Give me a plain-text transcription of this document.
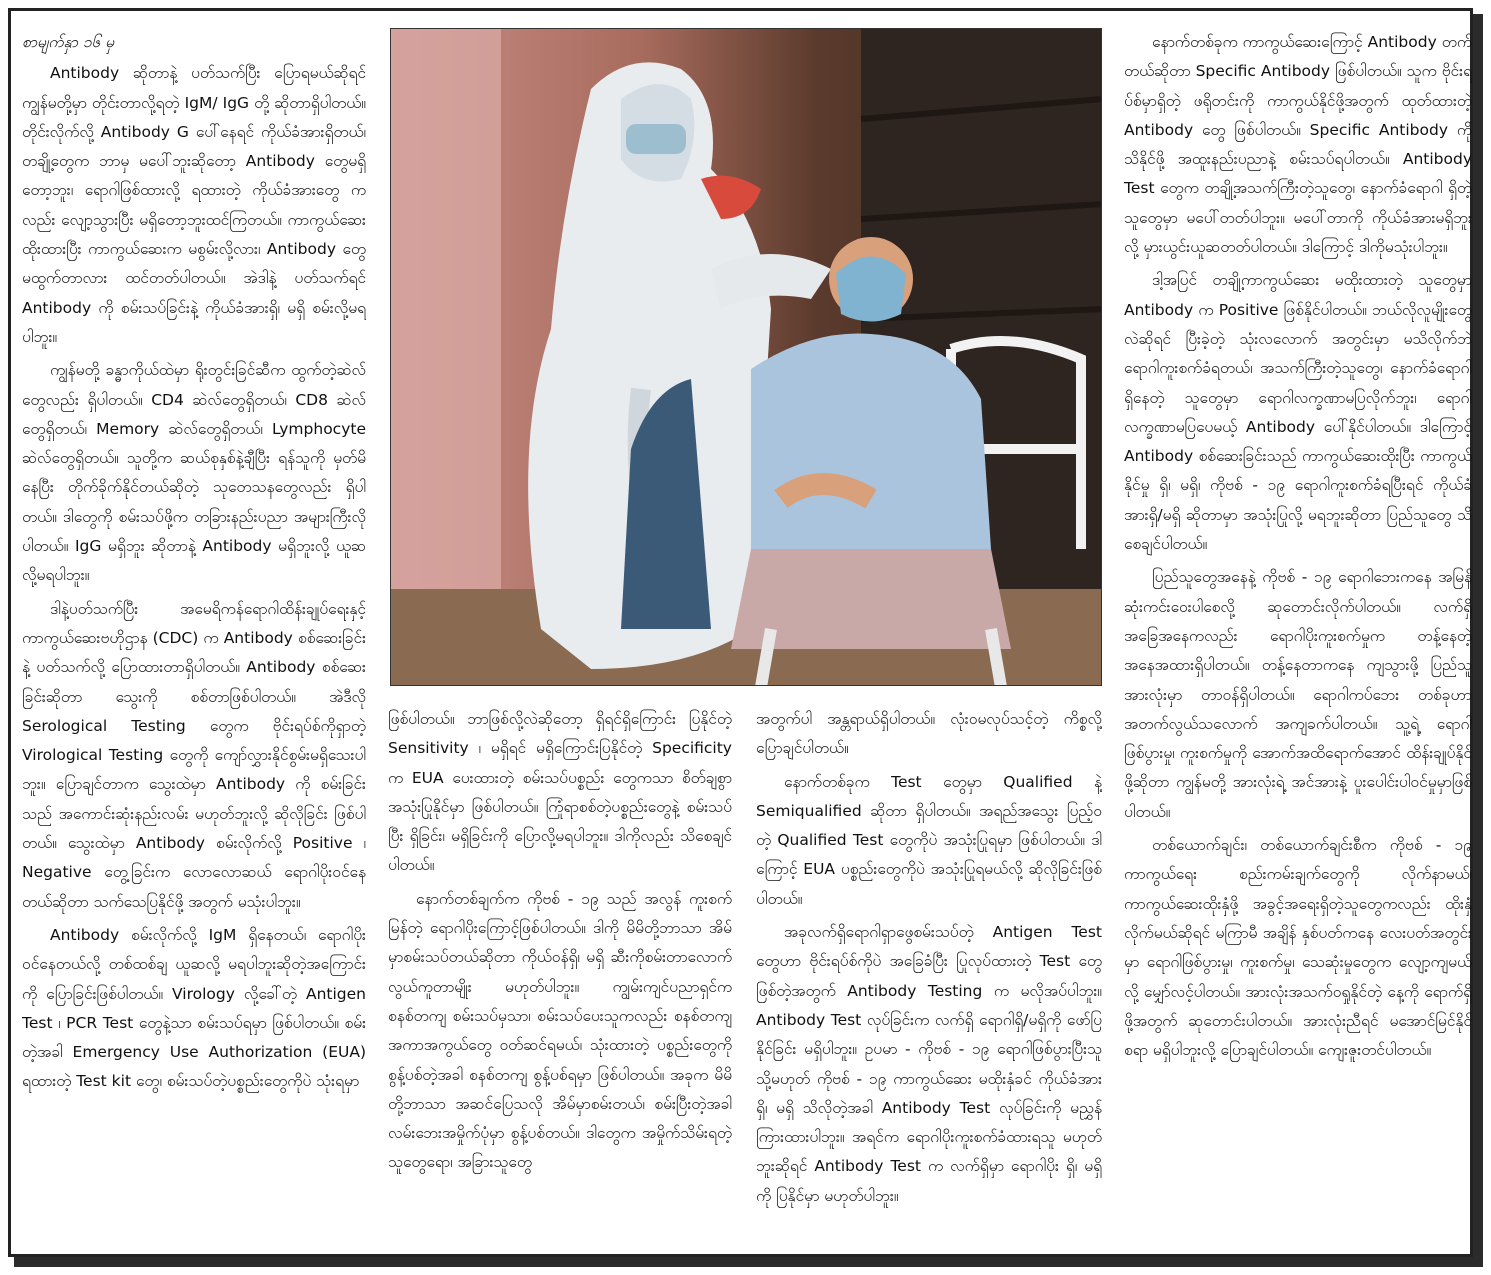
စာမျက်နှာ ၁၆ မှ

Antibody ဆိုတာနဲ့ ပတ်သက်ပြီး ပြောရမယ်ဆိုရင် ကျွန်မတို့မှာ တိုင်းတာလို့ရတဲ့ IgM/ IgG တို့ ဆိုတာရှိပါတယ်။ တိုင်းလိုက်လို့ Antibody G ပေါ်နေရင် ကိုယ်ခံအားရှိတယ်၊ တချို့တွေက ဘာမှ မပေါ်ဘူးဆိုတော့ Antibody တွေမရှိတော့ဘူး၊ ရောဂါဖြစ်ထားလို့ ရထားတဲ့ ကိုယ်ခံအားတွေ ကလည်း လျော့သွားပြီး မရှိတော့ဘူးထင်ကြတယ်။ ကာကွယ်ဆေးထိုးထားပြီး ကာကွယ်ဆေးက မစွမ်းလို့လား၊ Antibody တွေမထွက်တာလား ထင်တတ်ပါတယ်။ အဲဒါနဲ့ ပတ်သက်ရင် Antibody ကို စမ်းသပ်ခြင်းနဲ့ ကိုယ်ခံအားရှိ၊ မရှိ စမ်းလို့မရပါဘူး။

ကျွန်မတို့ ခန္ဓာကိုယ်ထဲမှာ ရိုးတွင်းခြင်ဆီက ထွက်တဲ့ဆဲလ်တွေလည်း ရှိပါတယ်။ CD4 ဆဲလ်တွေရှိတယ်၊ CD8 ဆဲလ်တွေရှိတယ်၊ Memory ဆဲလ်တွေရှိတယ်၊ Lymphocyte ဆဲလ်တွေရှိတယ်။ သူတို့က ဆယ်စုနှစ်နဲ့ချီပြီး ရန်သူကို မှတ်မိနေပြီး တိုက်ခိုက်နိုင်တယ်ဆိုတဲ့ သုတေသနတွေလည်း ရှိပါတယ်။ ဒါတွေကို စမ်းသပ်ဖို့က တခြားနည်းပညာ အများကြီးလိုပါတယ်။ IgG မရှိဘူး ဆိုတာနဲ့ Antibody မရှိဘူးလို့ ယူဆလို့မရပါဘူး။

ဒါနဲ့ပတ်သက်ပြီး အမေရိကန်ရောဂါထိန်းချုပ်ရေးနှင့် ကာကွယ်ဆေးဗဟိုဌာန (CDC) က Antibody စစ်ဆေးခြင်းနဲ့ ပတ်သက်လို့ ပြောထားတာရှိပါတယ်။ Antibody စစ်ဆေးခြင်းဆိုတာ သွေးကို စစ်တာဖြစ်ပါတယ်။ အဲဒီလို Serological Testing တွေက ဗိုင်းရပ်စ်ကိုရှာတဲ့ Virological Testing တွေကို ကျော်လွှားနိုင်စွမ်းမရှိသေးပါဘူး။ ပြောချင်တာက သွေးထဲမှာ Antibody ကို စမ်းခြင်းသည် အကောင်းဆုံးနည်းလမ်း မဟုတ်ဘူးလို့ ဆိုလိုခြင်း ဖြစ်ပါတယ်။ သွေးထဲမှာ Antibody စမ်းလိုက်လို့ Positive ၊ Negative တွေ့ခြင်းက လောလောဆယ် ရောဂါပိုးဝင်နေတယ်ဆိုတာ သက်သေပြနိုင်ဖို့ အတွက် မသုံးပါဘူး။

Antibody စမ်းလိုက်လို့ IgM ရှိနေတယ်၊ ရောဂါပိုးဝင်နေတယ်လို့ တစ်ထစ်ချ ယူဆလို့ မရပါဘူးဆိုတဲ့အကြောင်းကို ပြောခြင်းဖြစ်ပါတယ်။ Virology လို့ခေါ်တဲ့ Antigen Test ၊ PCR Test တွေနဲ့သာ စမ်းသပ်ရမှာ ဖြစ်ပါတယ်။ စမ်းတဲ့အခါ Emergency Use Authorization (EUA) ရထားတဲ့ Test kit တွေ၊ စမ်းသပ်တဲ့ပစ္စည်းတွေကိုပဲ သုံးရမှာ

ဖြစ်ပါတယ်။ ဘာဖြစ်လို့လဲဆိုတော့ ရှိရင်ရှိကြောင်း ပြနိုင်တဲ့ Sensitivity ၊ မရှိရင် မရှိကြောင်းပြနိုင်တဲ့ Specificity က EUA ပေးထားတဲ့ စမ်းသပ်ပစ္စည်း တွေကသာ စိတ်ချစွာ အသုံးပြုနိုင်မှာ ဖြစ်ပါတယ်။ ကြုံရာစစ်တဲ့ပစ္စည်းတွေနဲ့ စမ်းသပ်ပြီး ရှိခြင်း၊ မရှိခြင်းကို ပြောလို့မရပါဘူး။ ဒါကိုလည်း သိစေချင်ပါတယ်။

နောက်တစ်ချက်က ကိုဗစ် - ၁၉ သည် အလွန် ကူးစက်မြန်တဲ့ ရောဂါပိုးကြောင့်ဖြစ်ပါတယ်။ ဒါကို မိမိတို့ဘာသာ အိမ်မှာစမ်းသပ်တယ်ဆိုတာ ကိုယ်ဝန်ရှိ၊ မရှိ ဆီးကိုစမ်းတာလောက် လွယ်ကူတာမျိုး မဟုတ်ပါဘူး။ ကျွမ်းကျင်ပညာရှင်က စနစ်တကျ စမ်းသပ်မှသာ၊ စမ်းသပ်ပေးသူကလည်း စနစ်တကျ အကာအကွယ်တွေ ဝတ်ဆင်ရမယ်၊ သုံးထားတဲ့ ပစ္စည်းတွေကို စွန့်ပစ်တဲ့အခါ စနစ်တကျ စွန့်ပစ်ရမှာ ဖြစ်ပါတယ်။ အခုက မိမိတို့ဘာသာ အဆင်ပြေသလို အိမ်မှာစမ်းတယ်၊ စမ်းပြီးတဲ့အခါ လမ်းဘေးအမှိုက်ပုံမှာ စွန့်ပစ်တယ်။ ဒါတွေက အမှိုက်သိမ်းရတဲ့ သူတွေရော၊ အခြားသူတွေ

အတွက်ပါ အန္တရာယ်ရှိပါတယ်။ လုံးဝမလုပ်သင့်တဲ့ ကိစ္စလို့ ပြောချင်ပါတယ်။

နောက်တစ်ခုက Test တွေမှာ Qualified နဲ့ Semiqualified ဆိုတာ ရှိပါတယ်။ အရည်အသွေး ပြည့်ဝတဲ့ Qualified Test တွေကိုပဲ အသုံးပြုရမှာ ဖြစ်ပါတယ်။ ဒါကြောင့် EUA ပစ္စည်းတွေကိုပဲ အသုံးပြုရမယ်လို့ ဆိုလိုခြင်းဖြစ်ပါတယ်။

အခုလက်ရှိရောဂါရှာဖွေစမ်းသပ်တဲ့ Antigen Test တွေဟာ ဗိုင်းရပ်စ်ကိုပဲ အခြေခံပြီး ပြုလုပ်ထားတဲ့ Test တွေဖြစ်တဲ့အတွက် Antibody Testing က မလိုအပ်ပါဘူး။ Antibody Test လုပ်ခြင်းက လက်ရှိ ရောဂါရှိ/မရှိကို ဖော်ပြနိုင်ခြင်း မရှိပါဘူး။ ဥပမာ - ကိုဗစ် - ၁၉ ရောဂါဖြစ်ပွားပြီးသူ သို့မဟုတ် ကိုဗစ် - ၁၉ ကာကွယ်ဆေး မထိုးနှံခင် ကိုယ်ခံအား ရှိ၊ မရှိ သိလိုတဲ့အခါ Antibody Test လုပ်ခြင်းကို မညွှန်ကြားထားပါဘူး။ အရင်က ရောဂါပိုးကူးစက်ခံထားရသူ မဟုတ်ဘူးဆိုရင် Antibody Test က လက်ရှိမှာ ရောဂါပိုး ရှိ၊ မရှိကို ပြနိုင်မှာ မဟုတ်ပါဘူး။

နောက်တစ်ခုက ကာကွယ်ဆေးကြောင့် Antibody တက်တယ်ဆိုတာ Specific Antibody ဖြစ်ပါတယ်။ သူက ဗိုင်းရပ်စ်မှာရှိတဲ့ ဖရိုတင်းကို ကာကွယ်နိုင်ဖို့အတွက် ထုတ်ထားတဲ့ Antibody တွေ ဖြစ်ပါတယ်။ Specific Antibody ကို သိနိုင်ဖို့ အထူးနည်းပညာနဲ့ စမ်းသပ်ရပါတယ်။ Antibody Test တွေက တချို့အသက်ကြီးတဲ့သူတွေ၊ နောက်ခံရောဂါ ရှိတဲ့သူတွေမှာ မပေါ်တတ်ပါဘူး။ မပေါ်တာကို ကိုယ်ခံအားမရှိဘူးလို့ မှားယွင်းယူဆတတ်ပါတယ်။ ဒါကြောင့် ဒါကိုမသုံးပါဘူး။

ဒါ့အပြင် တချို့ကာကွယ်ဆေး မထိုးထားတဲ့ သူတွေမှာ Antibody က Positive ဖြစ်နိုင်ပါတယ်။ ဘယ်လိုလူမျိုးတွေလဲဆိုရင် ပြီးခဲ့တဲ့ သုံးလလောက် အတွင်းမှာ မသိလိုက်ဘဲ ရောဂါကူးစက်ခံရတယ်၊ အသက်ကြီးတဲ့သူတွေ၊ နောက်ခံရောဂါ ရှိနေတဲ့ သူတွေမှာ ရောဂါလက္ခဏာမပြလိုက်ဘူး၊ ရောဂါ လက္ခဏာမပြပေမယ့် Antibody ပေါ်နိုင်ပါတယ်။ ဒါကြောင့် Antibody စစ်ဆေးခြင်းသည် ကာကွယ်ဆေးထိုးပြီး ကာကွယ်နိုင်မှု ရှိ၊ မရှိ၊ ကိုဗစ် - ၁၉ ရောဂါကူးစက်ခံရပြီးရင် ကိုယ်ခံအားရှိ/မရှိ ဆိုတာမှာ အသုံးပြုလို့ မရဘူးဆိုတာ ပြည်သူတွေ သိစေချင်ပါတယ်။

ပြည်သူတွေအနေနဲ့ ကိုဗစ် - ၁၉ ရောဂါဘေးကနေ အမြန်ဆုံးကင်းဝေးပါစေလို့ ဆုတောင်းလိုက်ပါတယ်။ လက်ရှိအခြေအနေကလည်း ရောဂါပိုးကူးစက်မှုက တန့်နေတဲ့ အနေအထားရှိပါတယ်။ တန့်နေတာကနေ ကျသွားဖို့ ပြည်သူအားလုံးမှာ တာဝန်ရှိပါတယ်။ ရောဂါကပ်ဘေး တစ်ခုဟာ အတက်လွယ်သလောက် အကျခက်ပါတယ်။ သူ့ရဲ့ ရောဂါဖြစ်ပွားမှု၊ ကူးစက်မှုကို အောက်အထိရောက်အောင် ထိန်းချုပ်နိုင်ဖို့ဆိုတာ ကျွန်မတို့ အားလုံးရဲ့ အင်အားနဲ့ ပူးပေါင်းပါဝင်မှုမှာဖြစ်ပါတယ်။

တစ်ယောက်ချင်း၊ တစ်ယောက်ချင်းစီက ကိုဗစ် - ၁၉ ကာကွယ်ရေး စည်းကမ်းချက်တွေကို လိုက်နာမယ်၊ ကာကွယ်ဆေးထိုးနှံဖို့ အခွင့်အရေးရှိတဲ့သူတွေကလည်း ထိုးနှံလိုက်မယ်ဆိုရင် မကြာမီ အချိန် နှစ်ပတ်ကနေ လေးပတ်အတွင်းမှာ ရောဂါဖြစ်ပွားမှု၊ ကူးစက်မှု၊ သေဆုံးမှုတွေက လျော့ကျမယ်လို့ မျှော်လင့်ပါတယ်။ အားလုံးအသက်ဝရှုနိုင်တဲ့ နေ့ကို ရောက်ရှိဖို့အတွက် ဆုတောင်းပါတယ်။ အားလုံးညီရင် မအောင်မြင်နိုင်စရာ မရှိပါဘူးလို့ ပြောချင်ပါတယ်။ ကျေးဇူးတင်ပါတယ်။
